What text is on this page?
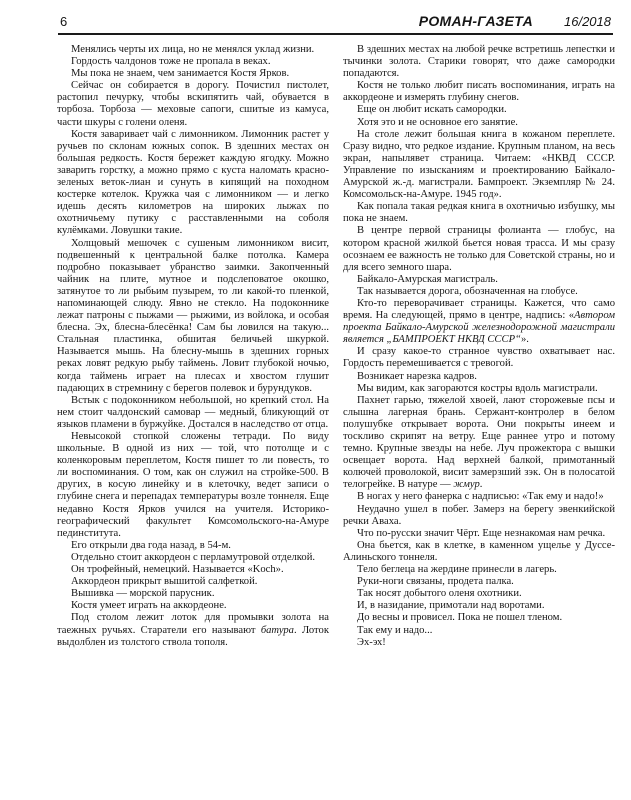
6	РОМАН-ГАЗЕТА 16/2018

Менялись черты их лица, но не менялся уклад жизни.

Гордость чалдонов тоже не пропала в веках.

Мы пока не знаем, чем занимается Костя Ярков.

Сейчас он собирается в дорогу. Почистил пистолет, растопил печурку, чтобы вскипятить чай, обувается в торбоза. Торбоза — меховые сапоги, сшитые из камуса, части шкуры с голени оленя.

Костя заваривает чай с лимонником. Лимонник растет у ручьев по склонам южных сопок. В здешних местах он большая редкость. Костя бережет каждую ягодку. Можно заварить горстку, а можно прямо с куста наломать красно-зеленых веток-лиан и сунуть в кипящий на походном костерке котелок. Кружка чая с лимонником — и легко идешь десять километров на широких лыжах по охотничьему путику с расставленными на соболя кулёмками. Ловушки такие.

Холщовый мешочек с сушеным лимонником висит, подвешенный к центральной балке потолка. Камера подробно показывает убранство заимки. Закопченный чайник на плите, мутное и подслеповатое окошко, затянутое то ли рыбьим пузырем, то ли какой-то пленкой, напоминающей слюду. Явно не стекло. На подоконнике лежат патроны с пыжами — рыжими, из войлока, и особая блесна. Эх, блесна-блесёнка! Сам бы ловился на такую... Стальная пластинка, обшитая беличьей шкуркой. Называется мышь. На блесну-мышь в здешних горных реках ловят редкую рыбу таймень. Ловит глубокой ночью, когда таймень играет на плесах и хвостом глушит падающих в стремнину с берегов полевок и бурундуков.

Встык с подоконником небольшой, но крепкий стол. На нем стоит чалдонский самовар — медный, бликующий от языков пламени в буржуйке. Достался в наследство от отца.

Невысокой стопкой сложены тетради. По виду школьные. В одной из них — той, что потолще и с коленкоровым переплетом, Костя пишет то ли повесть, то ли воспоминания. О том, как он служил на стройке-500. В других, в косую линейку и в клеточку, ведет записи о глубине снега и перепадах температуры возле тоннеля. Еще недавно Костя Ярков учился на учителя. Историко-географический факультет Комсомольского-на-Амуре пединститута.

Его открыли два года назад, в 54-м.

Отдельно стоит аккордеон с перламутровой отделкой.

Он трофейный, немецкий. Называется «Koch».

Аккордеон прикрыт вышитой салфеткой.

Вышивка — морской парусник.

Костя умеет играть на аккордеоне.

Под столом лежит лоток для промывки золота на таежных ручьях. Старатели его называют батура. Лоток выдолблен из толстого ствола тополя.

В здешних местах на любой речке встретишь лепестки и тычинки золота. Старики говорят, что даже самородки попадаются.

Костя не только любит писать воспоминания, играть на аккордеоне и измерять глубину снегов.

Еще он любит искать самородки.

Хотя это и не основное его занятие.

На столе лежит большая книга в кожаном переплете. Сразу видно, что редкое издание. Крупным планом, на весь экран, напылявет страница. Читаем: «НКВД СССР. Управление по изысканиям и проектированию Байкало-Амурской ж.-д. магистрали. Бампроект. Экземпляр № 24. Комсомольск-на-Амуре. 1945 год».

Как попала такая редкая книга в охотничью избушку, мы пока не знаем.

В центре первой страницы фолианта — глобус, на котором красной жилкой бьется новая трасса. И мы сразу осознаем ее важность не только для Советской страны, но и для всего земного шара.

Байкало-Амурская магистраль.

Так называется дорога, обозначенная на глобусе.

Кто-то переворачивает страницы. Кажется, что само время. На следующей, прямо в центре, надпись: «Автором проекта Байкало-Амурской железнодорожной магистрали является „БАМПРОЕКТ НКВД СССР“».

И сразу какое-то странное чувство охватывает нас. Гордость перемешивается с тревогой.

Возникает нарезка кадров.

Мы видим, как загораются костры вдоль магистрали.

Пахнет гарью, тяжелой хвоей, лают сторожевые псы и слышна лагерная брань. Сержант-контролер в белом полушубке открывает ворота. Они покрыты инеем и тоскливо скрипят на ветру. Еще раннее утро и потому темно. Крупные звезды на небе. Луч прожектора с вышки освещает ворота. Над верхней балкой, примотанный колючей проволокой, висит замерзший зэк. Он в полосатой телогрейке. В натуре — жмур.

В ногах у него фанерка с надписью: «Так ему и надо!»

Неудачно ушел в побег. Замерз на берегу эвенкийской речки Аваха.

Что по-русски значит Чёрт. Еще незнакомая нам речка.

Она бьется, как в клетке, в каменном ущелье у Дуссе-Алиньского тоннеля.

Тело беглеца на жердине принесли в лагерь.

Руки-ноги связаны, продета палка.

Так носят добытого оленя охотники.

И, в назидание, примотали над воротами.

До весны и провисел. Пока не пошел тленом.

Так ему и надо...

Эх-эх!
